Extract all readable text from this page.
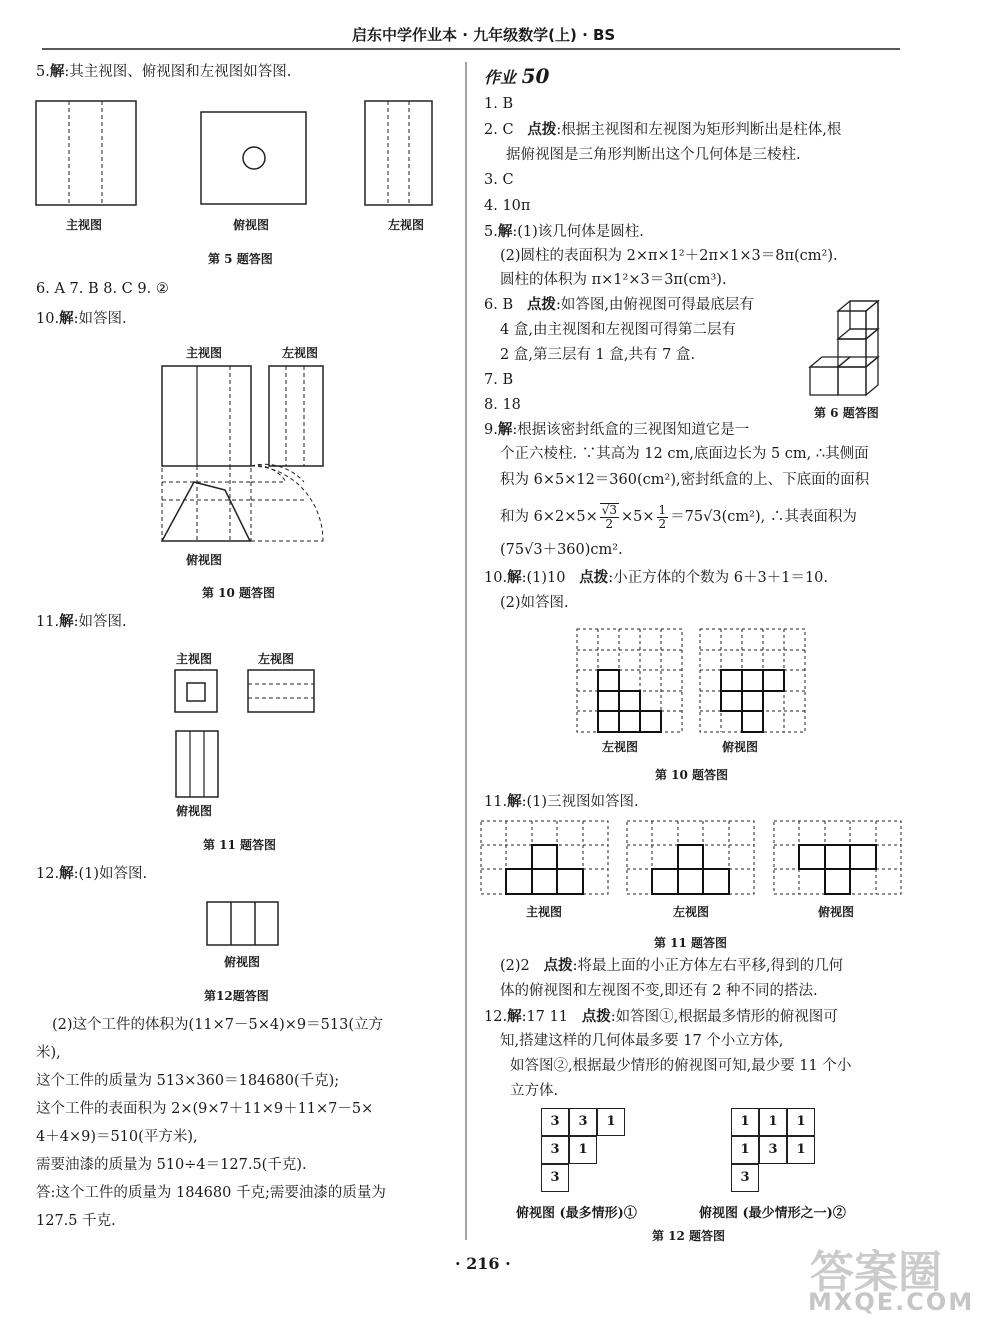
启东中学作业本 · 九年级数学(上) · BS
5.解:其主视图、俯视图和左视图如答图.
主视图	俯视图	左视图
第 5 题答图
6. A 7. B 8. C 9. ②
10.解:如答图.
主视图	左视图
俯视图
第 10 题答图
11.解:如答图.
主视图	左视图
俯视图
第 11 题答图
12.解:(1)如答图.
俯视图
第12题答图
(2)这个工件的体积为(11×7－5×4)×9＝513(立方
米),
这个工件的质量为 513×360＝184680(千克);
这个工件的表面积为 2×(9×7＋11×9＋11×7－5×
4＋4×9)＝510(平方米),
需要油漆的质量为 510÷4＝127.5(千克).
答:这个工件的质量为 184680 千克;需要油漆的质量为
127.5 千克.
作业 50
1. B
2. C 点拨:根据主视图和左视图为矩形判断出是柱体,根
据俯视图是三角形判断出这个几何体是三棱柱.
3. C
4. 10π
5.解:(1)该几何体是圆柱.
(2)圆柱的表面积为 2×π×1²＋2π×1×3＝8π(cm²).
圆柱的体积为 π×1²×3＝3π(cm³).
6. B 点拨:如答图,由俯视图可得最底层有
4 盒,由主视图和左视图可得第二层有
2 盒,第三层有 1 盒,共有 7 盒.
第 6 题答图
7. B
8. 18
9.解:根据该密封纸盒的三视图知道它是一
个正六棱柱. ∵其高为 12 cm,底面边长为 5 cm, ∴其侧面
积为 6×5×12＝360(cm²),密封纸盒的上、下底面的面积
和为 $6\times 2\times 5\times \frac{√3}{2} \times 5\times \frac{1}{2} =75√3(cm^2)$, ∴其表面积为
(75√3＋360)cm².
10.解:(1)10 点拨:小正方体的个数为 6＋3＋1＝10.
(2)如答图.
左视图	俯视图
第 10 题答图
11.解:(1)三视图如答图.
主视图	左视图	俯视图
第 11 题答图
(2)2 点拨:将最上面的小正方体左右平移,得到的几何
体的俯视图和左视图不变,即还有 2 种不同的搭法.
12.解:17 11 点拨:如答图①,根据最多情形的俯视图可
知,搭建这样的几何体最多要 17 个小立方体,
如答图②,根据最少情形的俯视图可知,最少要 11 个小
立方体.
3	3	1
3	1
3
1	1	1
1	3	1
3
俯视图 (最多情形)①	俯视图 (最少情形之一)②
第 12 题答图
· 216 ·	答案圈
MXQE.COM
